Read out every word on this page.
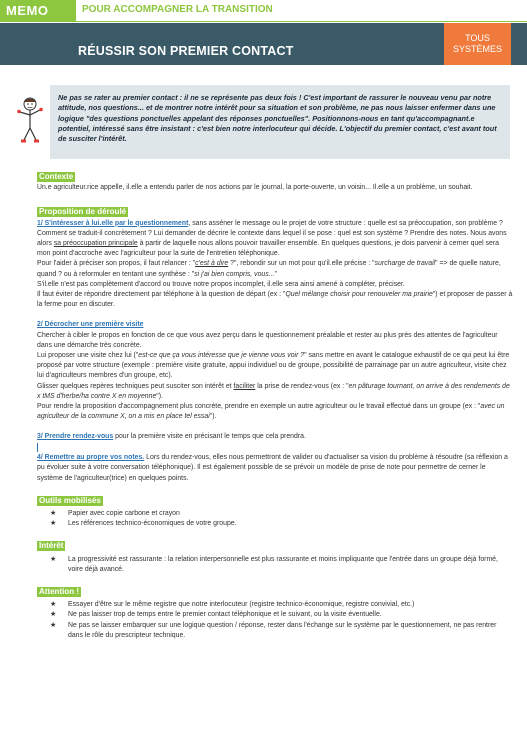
MEMO	POUR ACCOMPAGNER LA TRANSITION
RÉUSSIR SON PREMIER CONTACT
TOUS
SYSTÈMES
Ne pas se rater au premier contact : il ne se représente pas deux fois ! C'est important de rassurer le nouveau venu par notre attitude, nos questions... et de montrer notre intérêt pour sa situation et son problème, ne pas nous laisser enfermer dans une logique "des questions ponctuelles appelant des réponses ponctuelles". Positionnons-nous en tant qu'accompagnant.e potentiel, intéressé sans être insistant : c'est bien notre interlocuteur qui décide. L'objectif du premier contact, c'est avant tout de susciter l'intérêt.
Contexte

Un.e agriculteur.rice appelle, il.elle a entendu parler de nos actions par le journal, la porte-ouverte, un voisin... Il.elle a un problème, un souhait.

Proposition de déroulé

1/ S'intéresser à lui.elle par le questionnement, sans asséner le message ou le projet de votre structure : quelle est sa préoccupation, son problème ? Comment se traduit-il concrètement ? Lui demander de décrire le contexte dans lequel il se pose : quel est son système ? Prendre des notes. Nous avons alors sa préoccupation principale à partir de laquelle nous allons pouvoir travailler ensemble. En quelques questions, je dois parvenir à cerner quel sera mon point d'accroche avec l'agriculteur pour la suite de l'entretien téléphonique.

Pour l'aider à préciser son propos, il faut relancer : "c'est à dire ?", rebondir sur un mot pour qu'il.elle précise : "surcharge de travail" => de quelle nature, quand ? ou à reformuler en tentant une synthèse : "si j'ai bien compris, vous..."

S'il.elle n'est pas complètement d'accord ou trouve notre propos incomplet, il.elle sera ainsi amené à compléter, préciser.

Il faut éviter de répondre directement par téléphone à la question de départ (ex : "Quel mélange choisir pour renouveler ma prairie") et proposer de passer à la ferme pour en discuter.

2/ Décrocher une première visite

Chercher à cibler le propos en fonction de ce que vous avez perçu dans le questionnement préalable et rester au plus près des attentes de l'agriculteur dans une démarche très concrète.

Lui proposer une visite chez lui ("est-ce que ça vous intéresse que je vienne vous voir ?" sans mettre en avant le catalogue exhaustif de ce qui peut lui être proposé par votre structure (exemple : première visite gratuite, appui individuel ou de groupe, possibilité de parrainage par un autre agriculteur, visite chez lui d'agriculteurs membres d'un groupe, etc).

Glisser quelques repères techniques peut susciter son intérêt et faciliter la prise de rendez-vous (ex : "en pâturage tournant, on arrive à des rendements de x tMS d'herbe/ha contre X en moyenne").

Pour rendre la proposition d'accompagnement plus concrète, prendre en exemple un autre agriculteur ou le travail effectué dans un groupe (ex : "avec un agriculteur de la commune X, on a mis en place tel essai").

3/ Prendre rendez-vous pour la première visite en précisant le temps que cela prendra.

4/ Remettre au propre vos notes. Lors du rendez-vous, elles nous permettront de valider ou d'actualiser sa vision du problème à résoudre (sa réflexion a pu évoluer suite à votre conversation téléphonique). Il est également possible de se prévoir un modèle de prise de note pour permettre de cerner le système de l'agriculteur(trice) en quelques points.

Outils mobilisés
★ Papier avec copie carbone et crayon
★ Les références technico-économiques de votre groupe.
Intérêt
★ La progressivité est rassurante : la relation interpersonnelle est plus rassurante et moins impliquante que l'entrée dans un groupe déjà formé, voire déjà avancé.
Attention !
★ Essayer d'être sur le même registre que notre interlocuteur (registre technico-économique, registre convivial, etc.)
★ Ne pas laisser trop de temps entre le premier contact téléphonique et le suivant, ou la visite éventuelle.
★ Ne pas se laisser embarquer sur une logique question / réponse, rester dans l'échange sur le système par le questionnement, ne pas rentrer dans le rôle du prescripteur technique.
